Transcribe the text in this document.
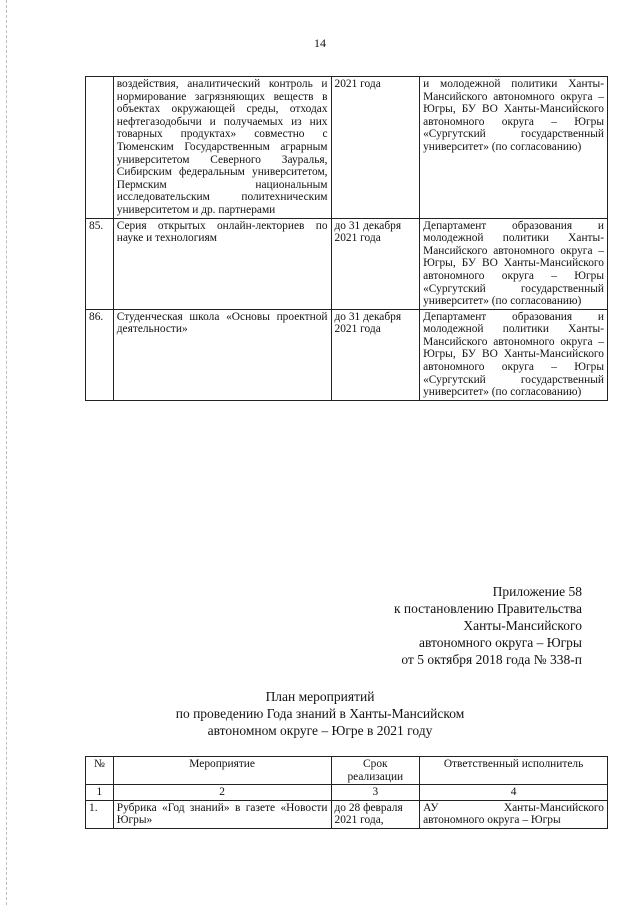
14
	воздействия, аналитический контроль и нормирование загрязняющих веществ в объектах окружающей среды, отходах нефтегазодобычи и получаемых из них товарных продуктах» совместно с Тюменским Государственным аграрным университетом Северного Зауралья, Сибирским федеральным университетом, Пермским национальным исследовательским политехническим университетом и др. партнерами	2021 года	и молодежной политики Ханты-Мансийского автономного округа – Югры, БУ ВО Ханты-Мансийского автономного округа – Югры «Сургутский государственный университет» (по согласованию)
85.	Серия открытых онлайн-лекториев по науке и технологиям	до 31 декабря 2021 года	Департамент образования и молодежной политики Ханты-Мансийского автономного округа – Югры, БУ ВО Ханты-Мансийского автономного округа – Югры «Сургутский государственный университет» (по согласованию)
86.	Студенческая школа «Основы проектной деятельности»	до 31 декабря 2021 года	Департамент образования и молодежной политики Ханты-Мансийского автономного округа – Югры, БУ ВО Ханты-Мансийского автономного округа – Югры «Сургутский государственный университет» (по согласованию)
Приложение 58
к постановлению Правительства
Ханты-Мансийского
автономного округа – Югры
от 5 октября 2018 года № 338-п
План мероприятий
по проведению Года знаний в Ханты-Мансийском
автономном округе – Югре в 2021 году
№	Мероприятие	Срок реализации	Ответственный исполнитель
1	2	3	4
1.	Рубрика «Год знаний» в газете «Новости Югры»	до 28 февраля 2021 года,	АУ Ханты-Мансийского автономного округа – Югры
